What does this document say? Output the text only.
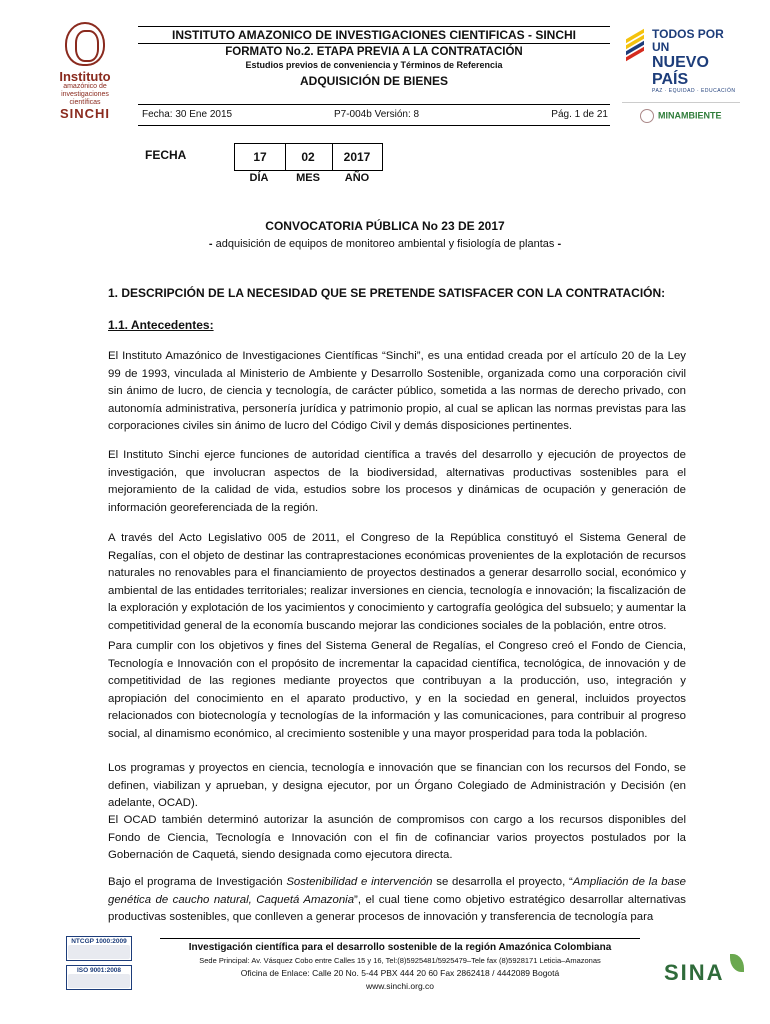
Instituto
amazónico de investigaciones científicas
SINCHI
TODOS POR UN
NUEVO PAÍS
PAZ · EQUIDAD · EDUCACIÓN
MINAMBIENTE
INSTITUTO AMAZONICO DE INVESTIGACIONES CIENTIFICAS - SINCHI
FORMATO No.2. ETAPA PREVIA A LA CONTRATACIÓN
Estudios previos de conveniencia y Términos de Referencia
ADQUISICIÓN DE BIENES
Fecha: 30 Ene 2015	P7-004b Versión: 8	Pág. 1 de 21
FECHA	17	02	2017
DÍA	MES	AÑO
CONVOCATORIA PÚBLICA No 23 DE 2017
- adquisición de equipos de monitoreo ambiental y fisiología de plantas -
1. DESCRIPCIÓN DE LA NECESIDAD QUE SE PRETENDE SATISFACER CON LA CONTRATACIÓN:
1.1. Antecedentes:
El Instituto Amazónico de Investigaciones Científicas “Sinchi”, es una entidad creada por el artículo 20 de la Ley 99 de 1993, vinculada al Ministerio de Ambiente y Desarrollo Sostenible, organizada como una corporación civil sin ánimo de lucro, de ciencia y tecnología, de carácter público, sometida a las normas de derecho privado, con autonomía administrativa, personería jurídica y patrimonio propio, al cual se aplican las normas previstas para las corporaciones civiles sin ánimo de lucro del Código Civil y demás disposiciones pertinentes.
El Instituto Sinchi ejerce funciones de autoridad científica a través del desarrollo y ejecución de proyectos de investigación, que involucran aspectos de la biodiversidad, alternativas productivas sostenibles para el mejoramiento de la calidad de vida, estudios sobre los procesos y dinámicas de ocupación y generación de información georeferenciada de la región.
A través del Acto Legislativo 005 de 2011, el Congreso de la República constituyó el Sistema General de Regalías, con el objeto de destinar las contraprestaciones económicas provenientes de la explotación de recursos naturales no renovables para el financiamiento de proyectos destinados a generar desarrollo social, económico y ambiental de las entidades territoriales; realizar inversiones en ciencia, tecnología e innovación; la fiscalización de la exploración y explotación de los yacimientos y conocimiento y cartografía geológica del subsuelo; y aumentar la competitividad general de la economía buscando mejorar las condiciones sociales de la población, entre otros.
Para cumplir con los objetivos y fines del Sistema General de Regalías, el Congreso creó el Fondo de Ciencia, Tecnología e Innovación con el propósito de incrementar la capacidad científica, tecnológica, de innovación y de competitividad de las regiones mediante proyectos que contribuyan a la producción, uso, integración y apropiación del conocimiento en el aparato productivo, y en la sociedad en general, incluidos proyectos relacionados con biotecnología y tecnologías de la información y las comunicaciones, para contribuir al progreso social, al dinamismo económico, al crecimiento sostenible y una mayor prosperidad para toda la población.
Los programas y proyectos en ciencia, tecnología e innovación que se financian con los recursos del Fondo, se definen, viabilizan y aprueban, y designa ejecutor, por un Órgano Colegiado de Administración y Decisión (en adelante, OCAD).
El OCAD también determinó autorizar la asunción de compromisos con cargo a los recursos disponibles del Fondo de Ciencia, Tecnología e Innovación con el fin de cofinanciar varios proyectos postulados por la Gobernación de Caquetá, siendo designada como ejecutora directa.
Bajo el programa de Investigación Sostenibilidad e intervención se desarrolla el proyecto, “Ampliación de la base genética de caucho natural, Caquetá Amazonia”, el cual tiene como objetivo estratégico desarrollar alternativas productivas sostenibles, que conlleven a generar procesos de innovación y transferencia de tecnología para
NTCGP 1000:2009
ISO 9001:2008
Investigación científica para el desarrollo sostenible de la región Amazónica Colombiana
Sede Principal: Av. Vásquez Cobo entre Calles 15 y 16, Tel:(8)5925481/5925479–Tele fax (8)5928171 Leticia–Amazonas
Oficina de Enlace: Calle 20 No. 5-44 PBX 444 20 60 Fax 2862418 / 4442089 Bogotá
www.sinchi.org.co
SINA
